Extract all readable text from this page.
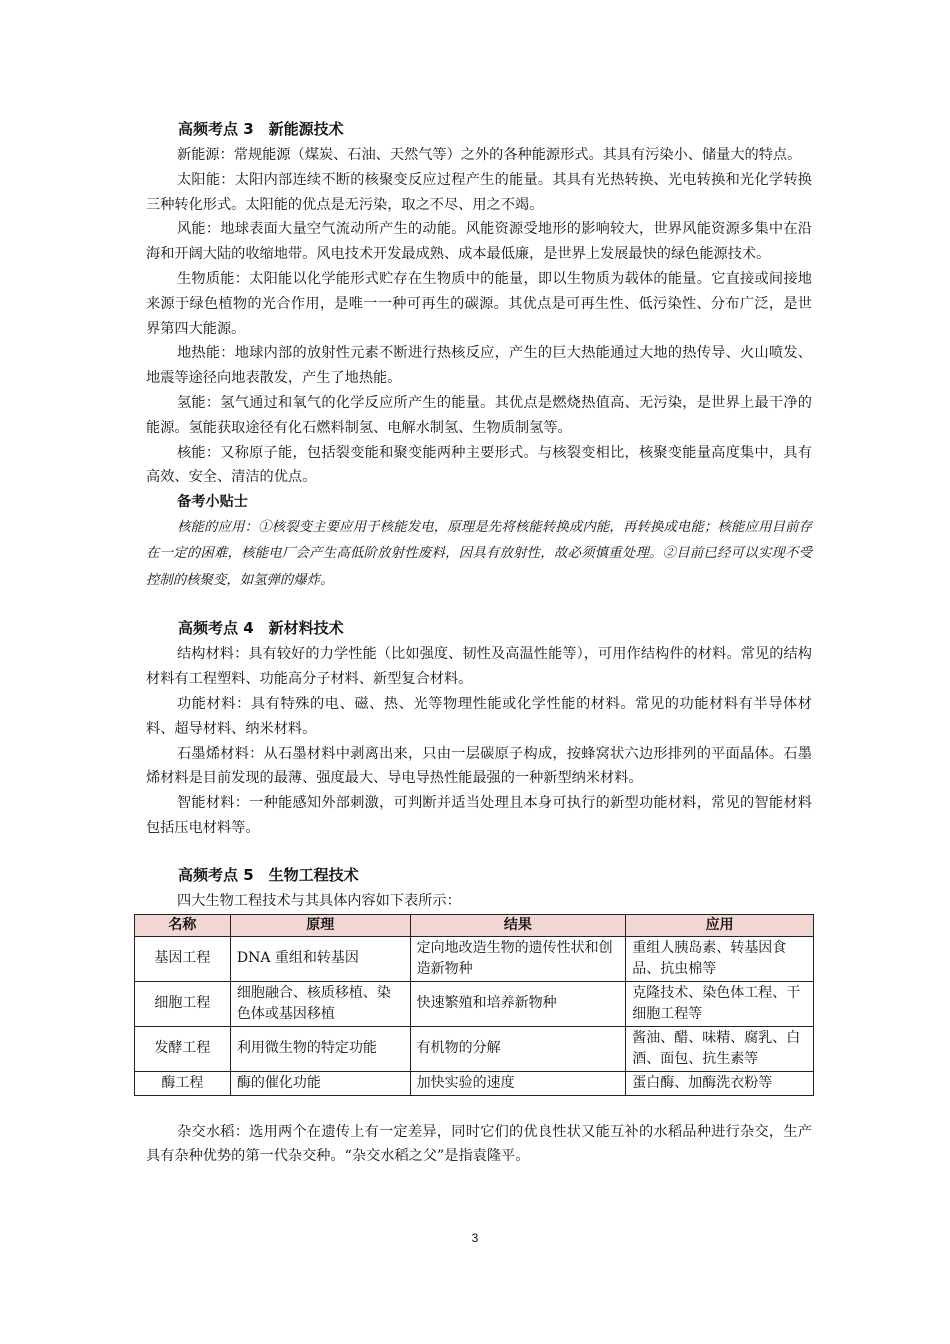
高频考点 3　新能源技术

新能源：常规能源（煤炭、石油、天然气等）之外的各种能源形式。其具有污染小、储量大的特点。

太阳能：太阳内部连续不断的核聚变反应过程产生的能量。其具有光热转换、光电转换和光化学转换三种转化形式。太阳能的优点是无污染，取之不尽、用之不竭。

风能：地球表面大量空气流动所产生的动能。风能资源受地形的影响较大，世界风能资源多集中在沿海和开阔大陆的收缩地带。风电技术开发最成熟、成本最低廉，是世界上发展最快的绿色能源技术。

生物质能：太阳能以化学能形式贮存在生物质中的能量，即以生物质为载体的能量。它直接或间接地来源于绿色植物的光合作用，是唯一一种可再生的碳源。其优点是可再生性、低污染性、分布广泛，是世界第四大能源。

地热能：地球内部的放射性元素不断进行热核反应，产生的巨大热能通过大地的热传导、火山喷发、地震等途径向地表散发，产生了地热能。

氢能：氢气通过和氧气的化学反应所产生的能量。其优点是燃烧热值高、无污染，是世界上最干净的能源。氢能获取途径有化石燃料制氢、电解水制氢、生物质制氢等。

核能：又称原子能，包括裂变能和聚变能两种主要形式。与核裂变相比，核聚变能量高度集中，具有高效、安全、清洁的优点。

备考小贴士

核能的应用：①核裂变主要应用于核能发电，原理是先将核能转换成内能，再转换成电能；核能应用目前存在一定的困难，核能电厂会产生高低阶放射性废料，因具有放射性，故必须慎重处理。②目前已经可以实现不受控制的核聚变，如氢弹的爆炸。

高频考点 4　新材料技术

结构材料：具有较好的力学性能（比如强度、韧性及高温性能等），可用作结构件的材料。常见的结构材料有工程塑料、功能高分子材料、新型复合材料。

功能材料：具有特殊的电、磁、热、光等物理性能或化学性能的材料。常见的功能材料有半导体材料、超导材料、纳米材料。

石墨烯材料：从石墨材料中剥离出来，只由一层碳原子构成，按蜂窝状六边形排列的平面晶体。石墨烯材料是目前发现的最薄、强度最大、导电导热性能最强的一种新型纳米材料。

智能材料：一种能感知外部刺激，可判断并适当处理且本身可执行的新型功能材料，常见的智能材料包括压电材料等。

高频考点 5　生物工程技术

四大生物工程技术与其具体内容如下表所示：

名称	原理	结果	应用
基因工程	DNA 重组和转基因	定向地改造生物的遗传性状和创造新物种	重组人胰岛素、转基因食品、抗虫棉等
细胞工程	细胞融合、核质移植、染色体或基因移植	快速繁殖和培养新物种	克隆技术、染色体工程、干细胞工程等
发酵工程	利用微生物的特定功能	有机物的分解	酱油、醋、味精、腐乳、白酒、面包、抗生素等
酶工程	酶的催化功能	加快实验的速度	蛋白酶、加酶洗衣粉等

杂交水稻：选用两个在遗传上有一定差异，同时它们的优良性状又能互补的水稻品种进行杂交，生产具有杂种优势的第一代杂交种。“杂交水稻之父”是指袁隆平。

3
